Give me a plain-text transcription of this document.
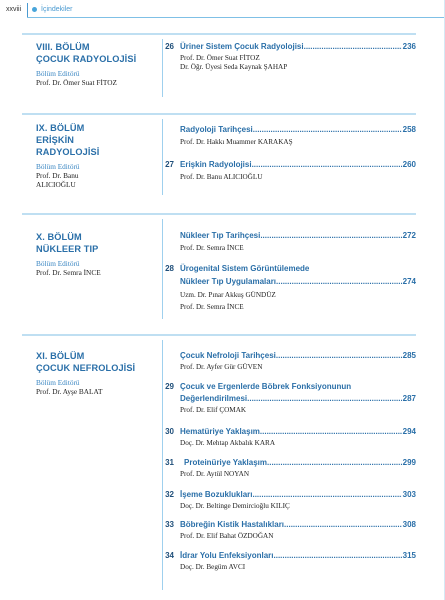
xxviii	İçindekiler
VIII. BÖLÜM
ÇOCUK RADYOLOJİSİ
Bölüm Editörü
Prof. Dr. Ömer Suat FİTOZ
26 Üriner Sistem Çocuk Radyolojisi .....	236
Prof. Dr. Ömer Suat FİTOZ
Dr. Öğr. Üyesi Seda Kaynak ŞAHAP
IX. BÖLÜM
ERİŞKİN
RADYOLOJİSİ
Bölüm Editörü
Prof. Dr. Banu
ALICIOĞLU
Radyoloji Tarihçesi .....	258
Prof. Dr. Hakkı Muammer KARAKAŞ
27 Erişkin Radyolojisi .....	260
Prof. Dr. Banu ALICIOĞLU
X. BÖLÜM
NÜKLEER TIP
Bölüm Editörü
Prof. Dr. Semra İNCE
Nükleer Tıp Tarihçesi .....	272
Prof. Dr. Semra İNCE
28 Ürogenital Sistem Görüntülemede
Nükleer Tıp Uygulamaları .....	274
Uzm. Dr. Pınar Akkuş GÜNDÜZ
Prof. Dr. Semra İNCE
XI. BÖLÜM
ÇOCUK NEFROLOJİSİ
Bölüm Editörü
Prof. Dr. Ayşe BALAT
Çocuk Nefroloji Tarihçesi .....	285
Prof. Dr. Ayfer Gür GÜVEN
29 Çocuk ve Ergenlerde Böbrek Fonksiyonunun
Değerlendirilmesi .....	287
Prof. Dr. Elif ÇOMAK
30 Hematüriye Yaklaşım .....	294
Doç. Dr. Mehtap Akbalık KARA
31	Proteinüriye Yaklaşım .....	299
Prof. Dr. Aytül NOYAN
32 İşeme Bozuklukları .....	303
Doç. Dr. Beltinge Demircioğlu KILIÇ
33 Böbreğin Kistik Hastalıkları .....	308
Prof. Dr. Elif Bahat ÖZDOĞAN
34 İdrar Yolu Enfeksiyonları .....	315
Doç. Dr. Begüm AVCI
